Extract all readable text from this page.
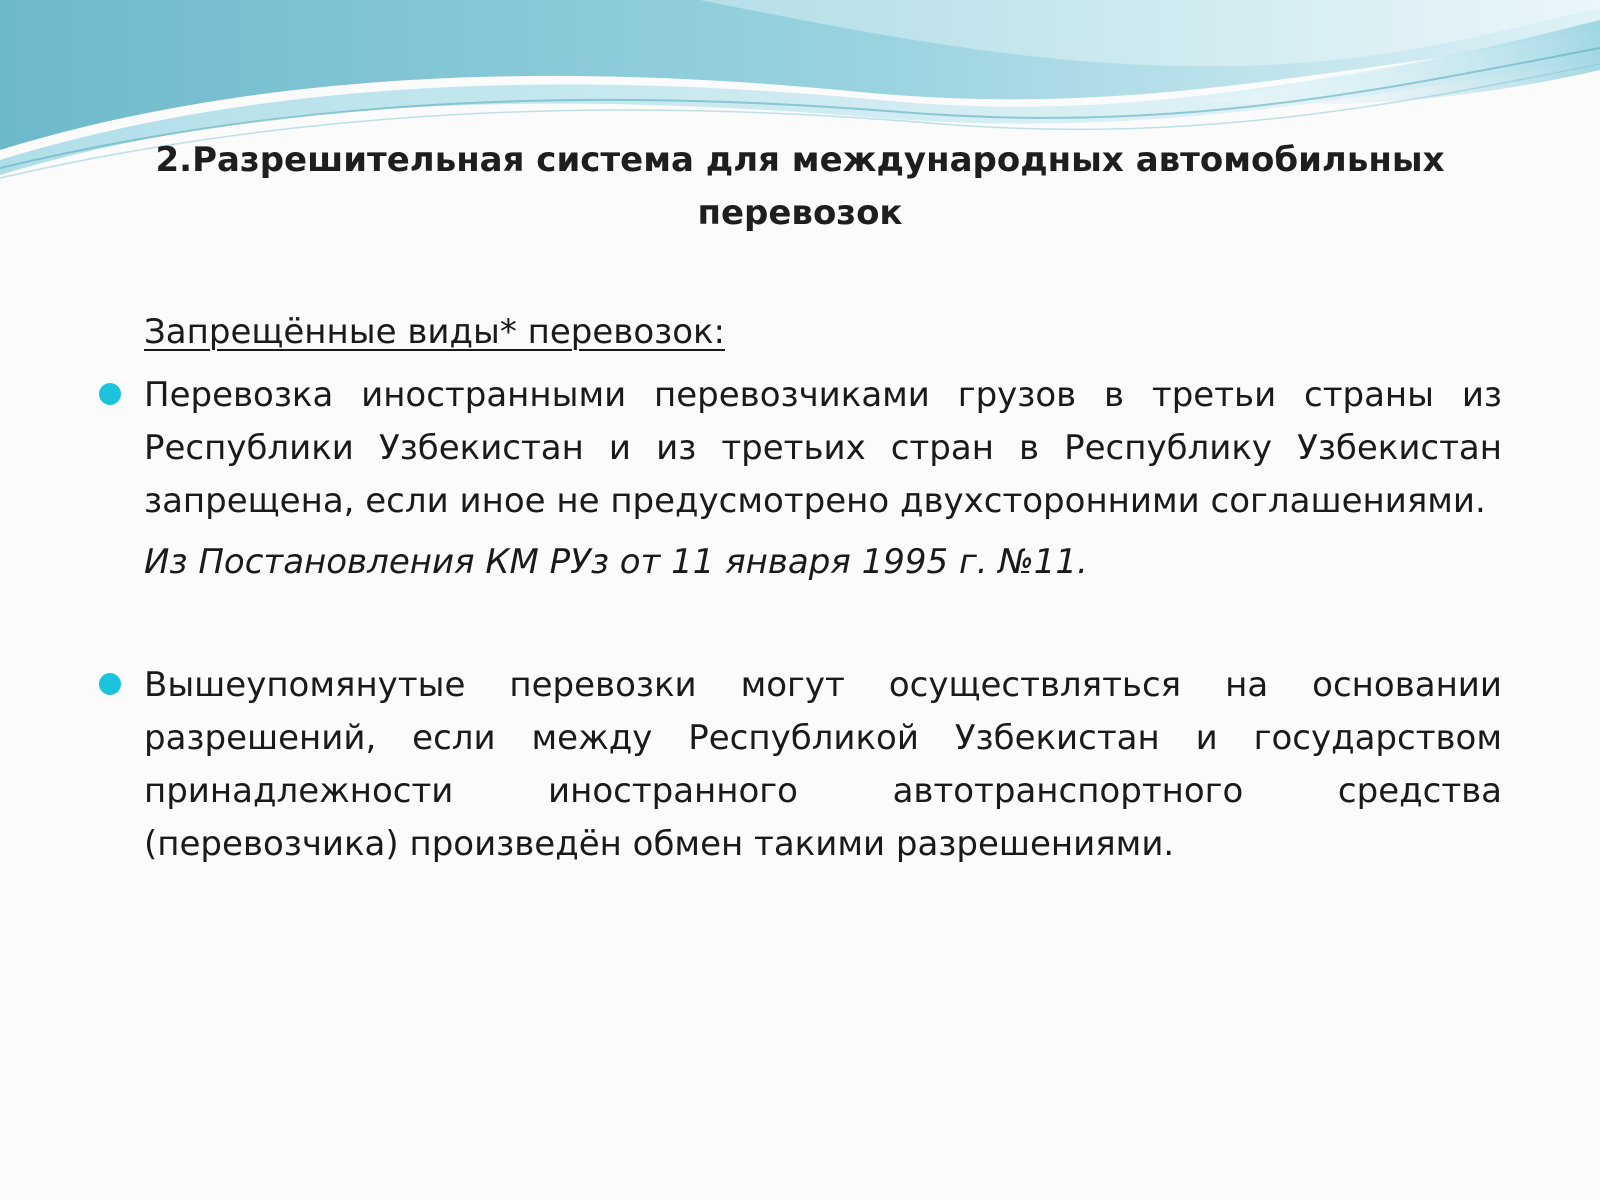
2.Разрешительная система для международных автомобильных перевозок

Запрещённые виды* перевозок:

Перевозка иностранными перевозчиками грузов в третьи страны из Республики Узбекистан и из третьих стран в Республику Узбекистан запрещена, если иное не предусмотрено двухсторонними соглашениями.

Из Постановления КМ РУз от 11 января 1995 г. №11.

Вышеупомянутые перевозки могут осуществляться на основании разрешений, если между Республикой Узбекистан и государством принадлежности иностранного автотранспортного средства (перевозчика) произведён обмен такими разрешениями.
